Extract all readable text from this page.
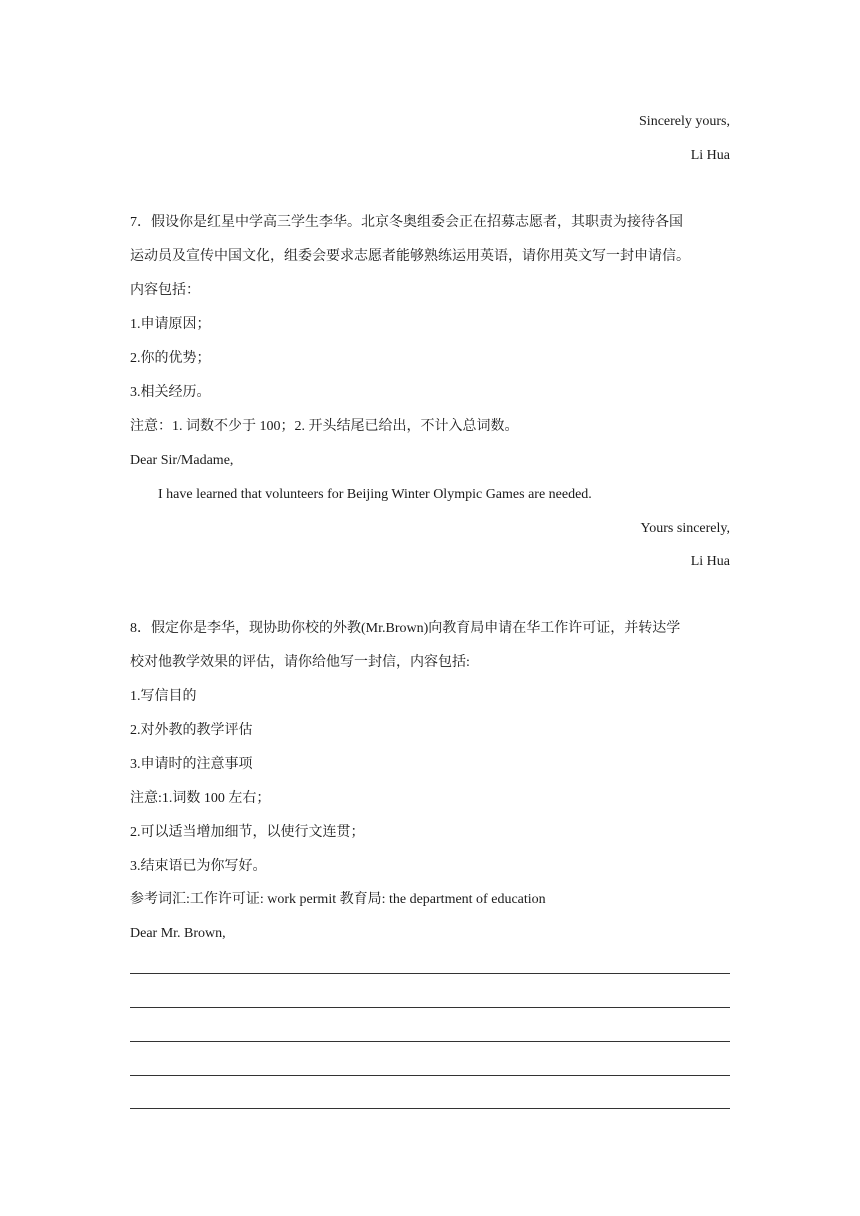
Sincerely yours,
Li Hua
7．假设你是红星中学高三学生李华。北京冬奥组委会正在招募志愿者，其职责为接待各国
运动员及宣传中国文化，组委会要求志愿者能够熟练运用英语，请你用英文写一封申请信。
内容包括：
1.申请原因；
2.你的优势；
3.相关经历。
注意：1. 词数不少于 100；2. 开头结尾已给出，不计入总词数。
Dear Sir/Madame,
I have learned that volunteers for Beijing Winter Olympic Games are needed.
Yours sincerely,
Li Hua
8．假定你是李华，现协助你校的外教(Mr.Brown)向教育局申请在华工作许可证，并转达学
校对他教学效果的评估，请你给他写一封信，内容包括:
1.写信目的
2.对外教的教学评估
3.申请时的注意事项
注意:1.词数 100 左右；
2.可以适当增加细节，以使行文连贯；
3.结束语已为你写好。
参考词汇:工作许可证: work permit 教育局: the department of education
Dear Mr. Brown,
